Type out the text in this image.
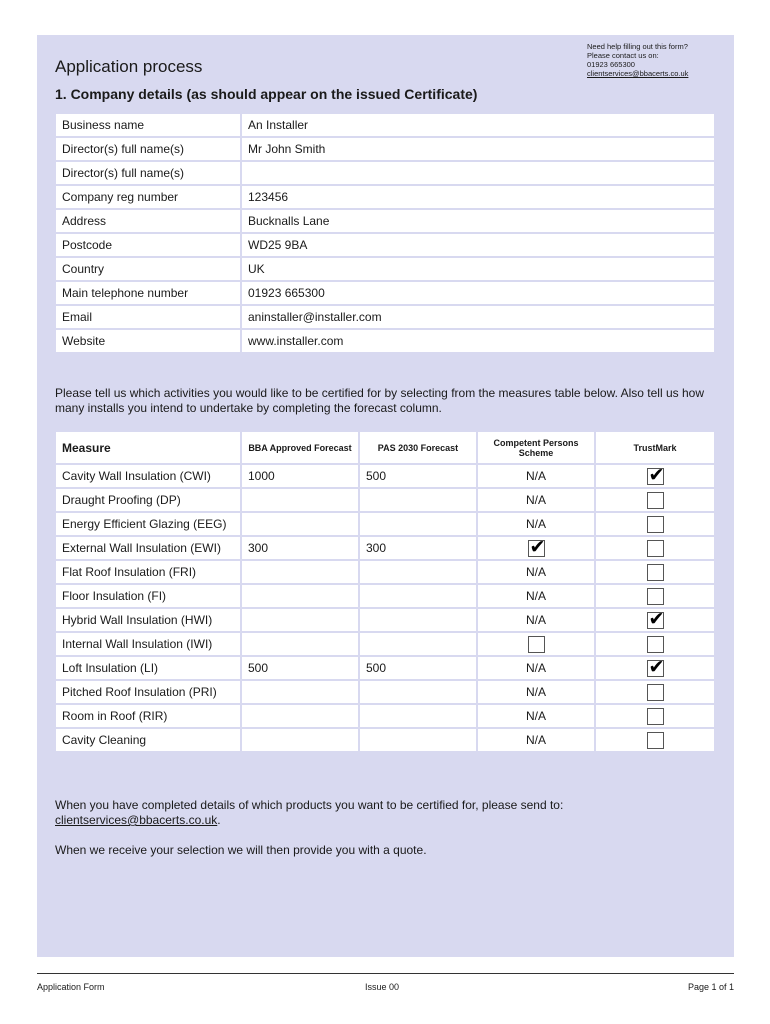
Need help filling out this form?
Please contact us on:
01923 665300
clientservices@bbacerts.co.uk
Application process
1. Company details (as should appear on the issued Certificate)
Business name	An Installer
Director(s) full name(s)	Mr John Smith
Director(s) full name(s)	
Company reg number	123456
Address	Bucknalls Lane
Postcode	WD25 9BA
Country	UK
Main telephone number	01923 665300
Email	aninstaller@installer.com
Website	www.installer.com

Please tell us which activities you would like to be certified for by selecting from the measures table below. Also tell us how many installs you intend to undertake by completing the forecast column.

Measure	BBA Approved Forecast	PAS 2030 Forecast	Competent Persons Scheme	TrustMark
Cavity Wall Insulation (CWI)	1000	500	N/A	✔
Draught Proofing (DP)			N/A	
Energy Efficient Glazing (EEG)			N/A	
External Wall Insulation (EWI)	300	300	✔	
Flat Roof Insulation (FRI)			N/A	
Floor Insulation (FI)			N/A	
Hybrid Wall Insulation (HWI)			N/A	✔
Internal Wall Insulation (IWI)				
Loft Insulation (LI)	500	500	N/A	✔
Pitched Roof Insulation (PRI)			N/A	
Room in Roof (RIR)			N/A	
Cavity Cleaning			N/A	

When you have completed details of which products you want to be certified for, please send to:
clientservices@bbacerts.co.uk.

When we receive your selection we will then provide you with a quote.

Application Form	Issue 00	Page 1 of 1
